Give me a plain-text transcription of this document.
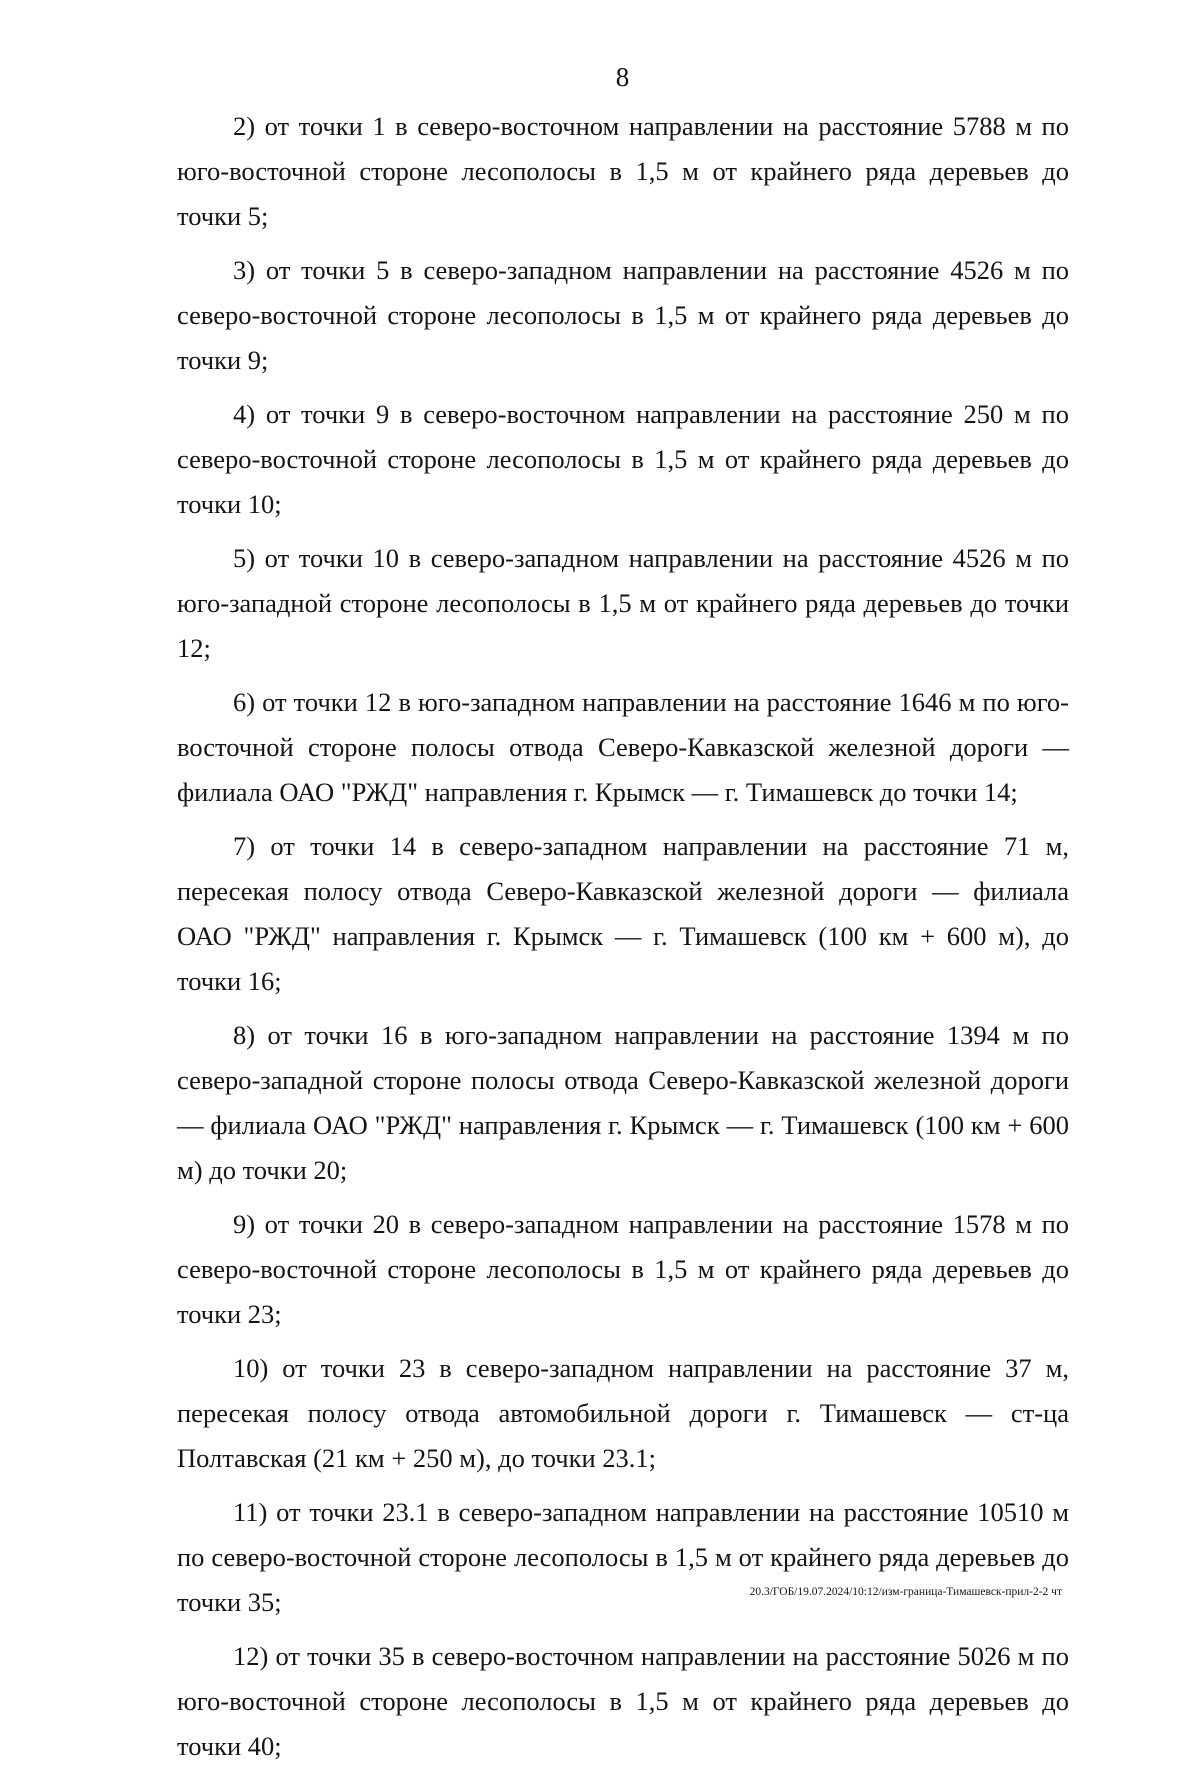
8

2) от точки 1 в северо-восточном направлении на расстояние 5788 м по юго-восточной стороне лесополосы в 1,5 м от крайнего ряда деревьев до точки 5;

3) от точки 5 в северо-западном направлении на расстояние 4526 м по северо-восточной стороне лесополосы в 1,5 м от крайнего ряда деревьев до точки 9;

4) от точки 9 в северо-восточном направлении на расстояние 250 м по северо-восточной стороне лесополосы в 1,5 м от крайнего ряда деревьев до точки 10;

5) от точки 10 в северо-западном направлении на расстояние 4526 м по юго-западной стороне лесополосы в 1,5 м от крайнего ряда деревьев до точки 12;

6) от точки 12 в юго-западном направлении на расстояние 1646 м по юго-восточной стороне полосы отвода Северо-Кавказской железной дороги — филиала ОАО "РЖД" направления г. Крымск — г. Тимашевск до точки 14;

7) от точки 14 в северо-западном направлении на расстояние 71 м, пересекая полосу отвода Северо-Кавказской железной дороги — филиала ОАО "РЖД" направления г. Крымск — г. Тимашевск (100 км + 600 м), до точки 16;

8) от точки 16 в юго-западном направлении на расстояние 1394 м по северо-западной стороне полосы отвода Северо-Кавказской железной дороги — филиала ОАО "РЖД" направления г. Крымск — г. Тимашевск (100 км + 600 м) до точки 20;

9) от точки 20 в северо-западном направлении на расстояние 1578 м по северо-восточной стороне лесополосы в 1,5 м от крайнего ряда деревьев до точки 23;

10) от точки 23 в северо-западном направлении на расстояние 37 м, пересекая полосу отвода автомобильной дороги г. Тимашевск — ст-ца Полтавская (21 км + 250 м), до точки 23.1;

11) от точки 23.1 в северо-западном направлении на расстояние 10510 м по северо-восточной стороне лесополосы в 1,5 м от крайнего ряда деревьев до точки 35;

12) от точки 35 в северо-восточном направлении на расстояние 5026 м по юго-восточной стороне лесополосы в 1,5 м от крайнего ряда деревьев до точки 40;

20.3/ГОБ/19.07.2024/10:12/изм-граница-Тимашевск-прил-2-2 чт
